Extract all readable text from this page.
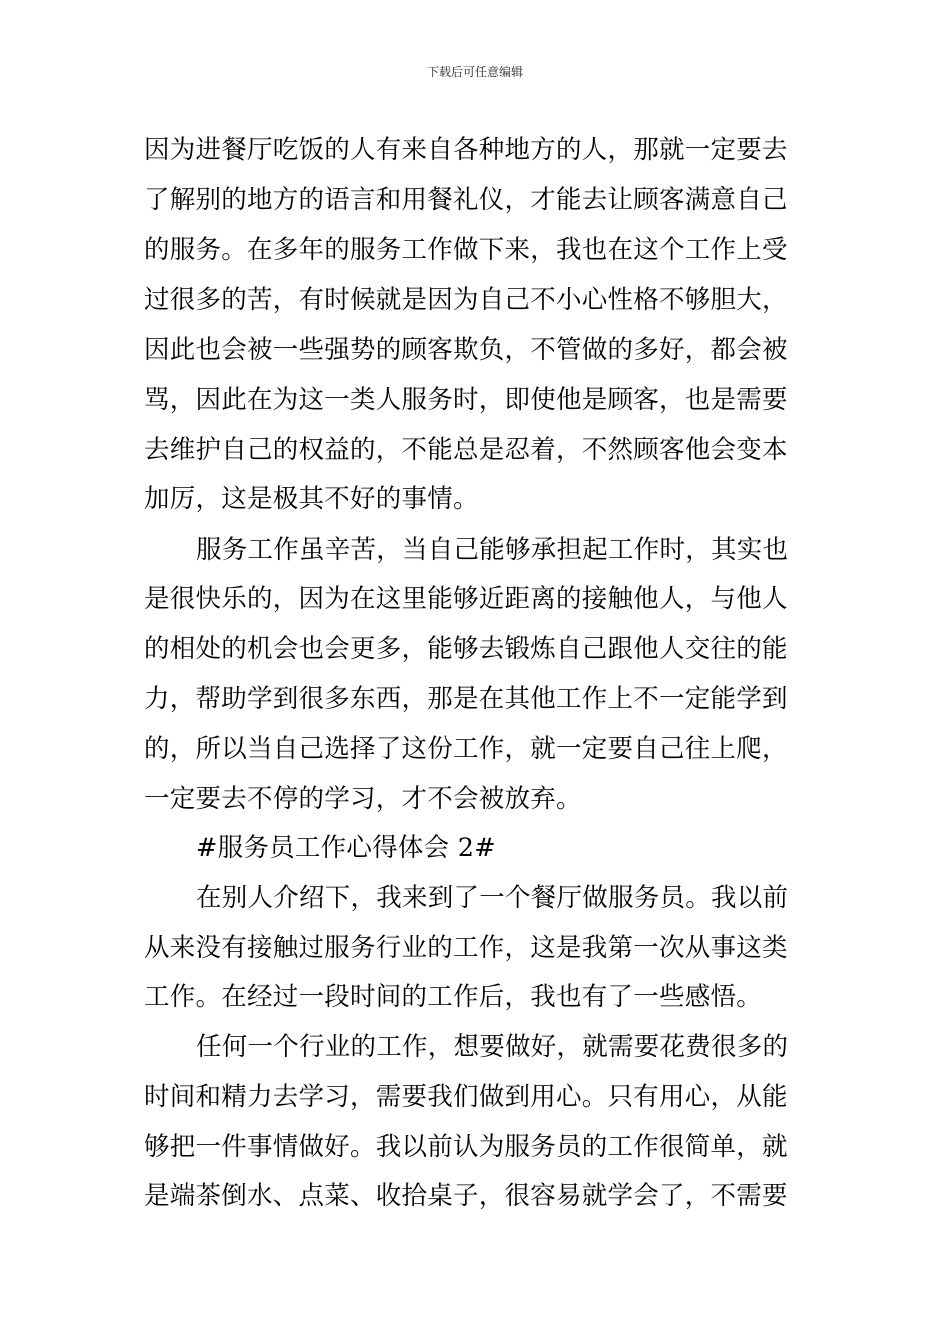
下载后可任意编辑
因为进餐厅吃饭的人有来自各种地方的人，那就一定要去
了解别的地方的语言和用餐礼仪，才能去让顾客满意自己
的服务。在多年的服务工作做下来，我也在这个工作上受
过很多的苦，有时候就是因为自己不小心性格不够胆大，
因此也会被一些强势的顾客欺负，不管做的多好，都会被
骂，因此在为这一类人服务时，即使他是顾客，也是需要
去维护自己的权益的，不能总是忍着，不然顾客他会变本
加厉，这是极其不好的事情。
服务工作虽辛苦，当自己能够承担起工作时，其实也
是很快乐的，因为在这里能够近距离的接触他人，与他人
的相处的机会也会更多，能够去锻炼自己跟他人交往的能
力，帮助学到很多东西，那是在其他工作上不一定能学到
的，所以当自己选择了这份工作，就一定要自己往上爬，
一定要去不停的学习，才不会被放弃。
#服务员工作心得体会 2#
在别人介绍下，我来到了一个餐厅做服务员。我以前
从来没有接触过服务行业的工作，这是我第一次从事这类
工作。在经过一段时间的工作后，我也有了一些感悟。
任何一个行业的工作，想要做好，就需要花费很多的
时间和精力去学习，需要我们做到用心。只有用心，从能
够把一件事情做好。我以前认为服务员的工作很简单，就
是端茶倒水、点菜、收拾桌子，很容易就学会了，不需要
